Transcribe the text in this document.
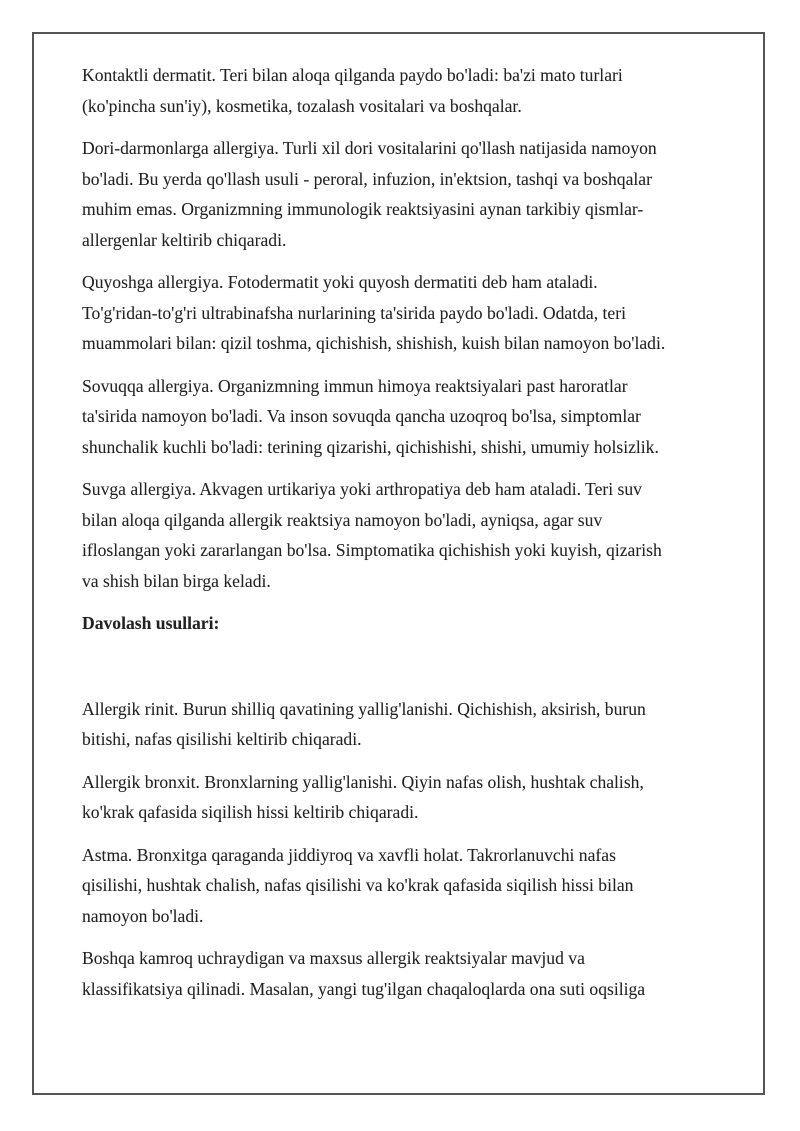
Kontaktli dermatit. Teri bilan aloqa qilganda paydo bo'ladi: ba'zi mato turlari
(ko'pincha sun'iy), kosmetika, tozalash vositalari va boshqalar.

Dori-darmonlarga allergiya. Turli xil dori vositalarini qo'llash natijasida namoyon
bo'ladi. Bu yerda qo'llash usuli - peroral, infuzion, in'ektsion, tashqi va boshqalar
muhim emas. Organizmning immunologik reaktsiyasini aynan tarkibiy qismlar-
allergenlar keltirib chiqaradi.

Quyoshga allergiya. Fotodermatit yoki quyosh dermatiti deb ham ataladi.
To'g'ridan-to'g'ri ultrabinafsha nurlarining ta'sirida paydo bo'ladi. Odatda, teri
muammolari bilan: qizil toshma, qichishish, shishish, kuish bilan namoyon bo'ladi.

Sovuqqa allergiya. Organizmning immun himoya reaktsiyalari past haroratlar
ta'sirida namoyon bo'ladi. Va inson sovuqda qancha uzoqroq bo'lsa, simptomlar
shunchalik kuchli bo'ladi: terining qizarishi, qichishishi, shishi, umumiy holsizlik.

Suvga allergiya. Akvagen urtikariya yoki arthropatiya deb ham ataladi. Teri suv
bilan aloqa qilganda allergik reaktsiya namoyon bo'ladi, ayniqsa, agar suv
ifloslangan yoki zararlangan bo'lsa. Simptomatika qichishish yoki kuyish, qizarish
va shish bilan birga keladi.

Davolash usullari:

Allergik rinit. Burun shilliq qavatining yallig'lanishi. Qichishish, aksirish, burun
bitishi, nafas qisilishi keltirib chiqaradi.

Allergik bronxit. Bronxlarning yallig'lanishi. Qiyin nafas olish, hushtak chalish,
ko'krak qafasida siqilish hissi keltirib chiqaradi.

Astma. Bronxitga qaraganda jiddiyroq va xavfli holat. Takrorlanuvchi nafas
qisilishi, hushtak chalish, nafas qisilishi va ko'krak qafasida siqilish hissi bilan
namoyon bo'ladi.

Boshqa kamroq uchraydigan va maxsus allergik reaktsiyalar mavjud va
klassifikatsiya qilinadi. Masalan, yangi tug'ilgan chaqaloqlarda ona suti oqsiliga
